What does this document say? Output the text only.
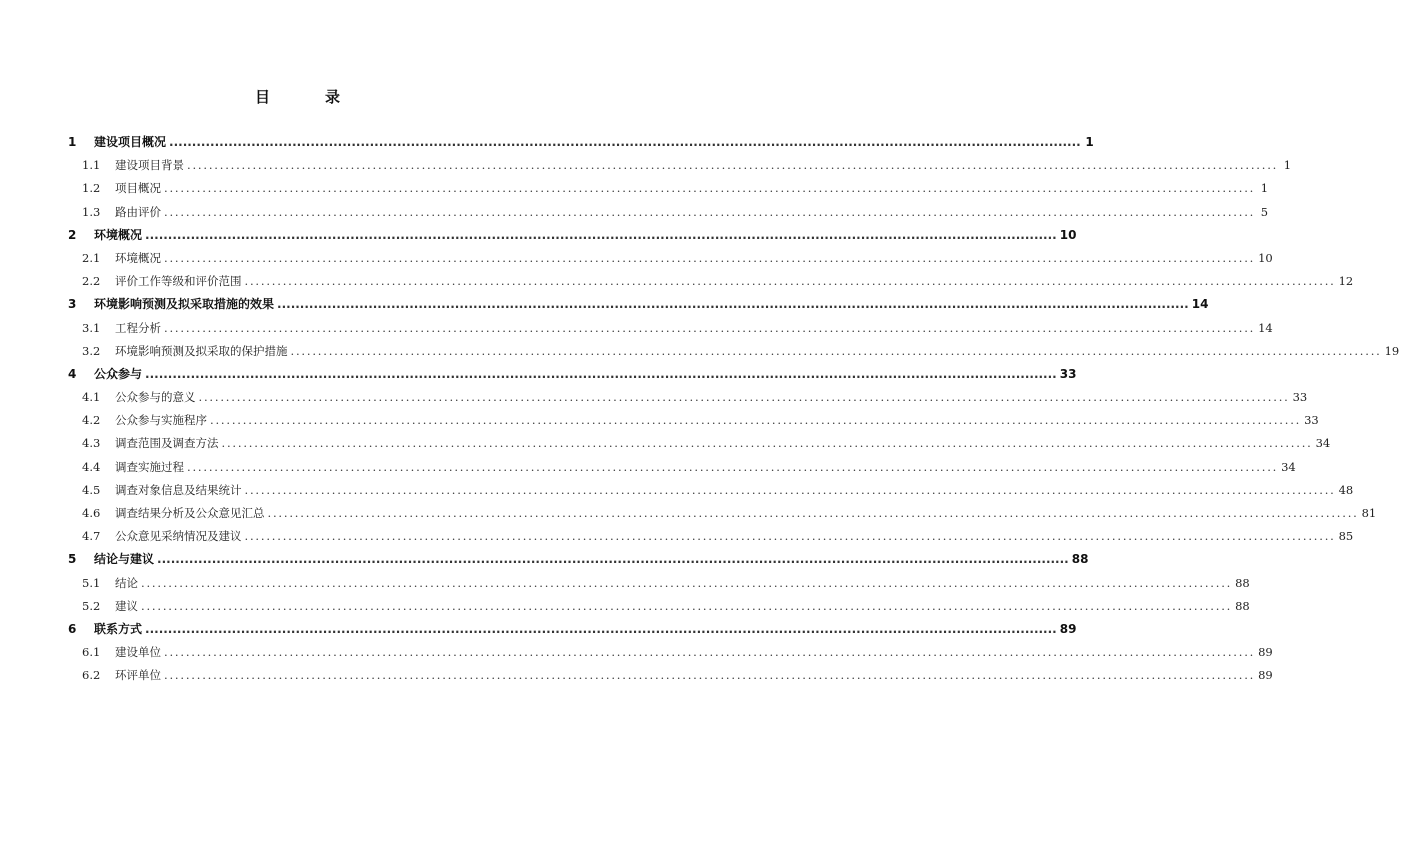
目　录
1	建设项目概况 ........................................................................................................................................................................................................ 1
1.1	建设项目背景 ........................................................................................................................................................................................................ 1
1.2	项目概况 ........................................................................................................................................................................................................ 1
1.3	路由评价 ........................................................................................................................................................................................................ 5
2	环境概况 ........................................................................................................................................................................................................ 10
2.1	环境概况 ........................................................................................................................................................................................................ 10
2.2	评价工作等级和评价范围 ........................................................................................................................................................................................................ 12
3	环境影响预测及拟采取措施的效果 ........................................................................................................................................................................................................ 14
3.1	工程分析 ........................................................................................................................................................................................................ 14
3.2	环境影响预测及拟采取的保护措施 ........................................................................................................................................................................................................ 19
4	公众参与 ........................................................................................................................................................................................................ 33
4.1	公众参与的意义 ........................................................................................................................................................................................................ 33
4.2	公众参与实施程序 ........................................................................................................................................................................................................ 33
4.3	调查范围及调查方法 ........................................................................................................................................................................................................ 34
4.4	调查实施过程 ........................................................................................................................................................................................................ 34
4.5	调查对象信息及结果统计 ........................................................................................................................................................................................................ 48
4.6	调查结果分析及公众意见汇总 ........................................................................................................................................................................................................ 81
4.7	公众意见采纳情况及建议 ........................................................................................................................................................................................................ 85
5	结论与建议 ........................................................................................................................................................................................................ 88
5.1	结论 ........................................................................................................................................................................................................ 88
5.2	建议 ........................................................................................................................................................................................................ 88
6	联系方式 ........................................................................................................................................................................................................ 89
6.1	建设单位 ........................................................................................................................................................................................................ 89
6.2	环评单位 ........................................................................................................................................................................................................ 89
